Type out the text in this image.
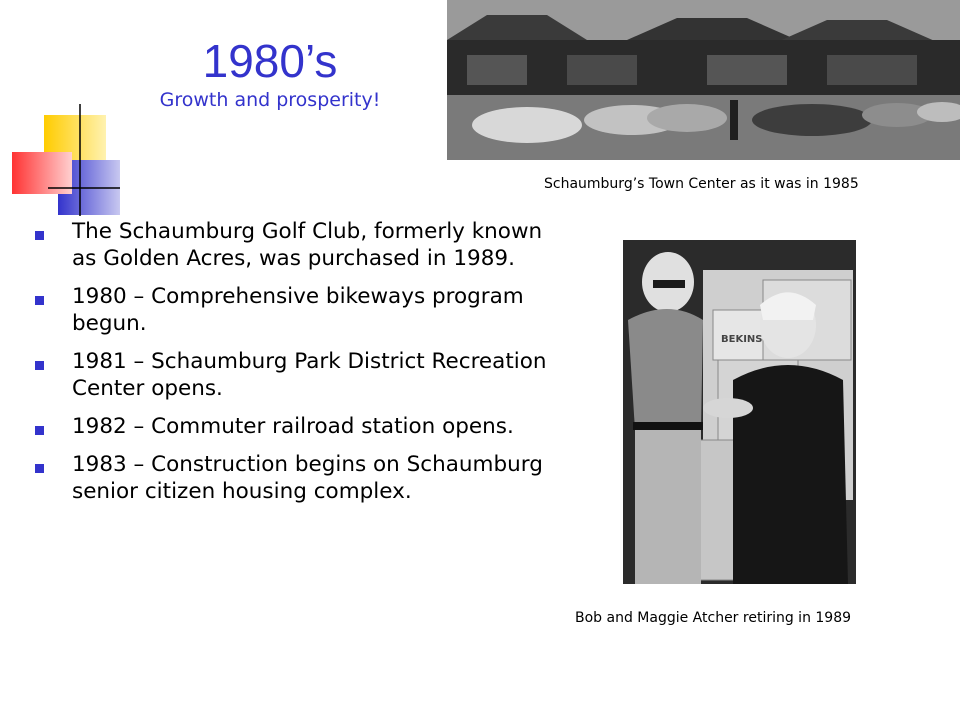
1980’s
Growth and prosperity!
Schaumburg’s Town Center as it was in 1985
BEKINS
Bob and Maggie Atcher retiring in 1989
The Schaumburg Golf Club, formerly known as Golden Acres, was purchased in 1989.
1980 – Comprehensive bikeways program begun.
1981 – Schaumburg Park District Recreation Center opens.
1982 – Commuter railroad station opens.
1983 – Construction begins on Schaumburg senior citizen housing complex.
